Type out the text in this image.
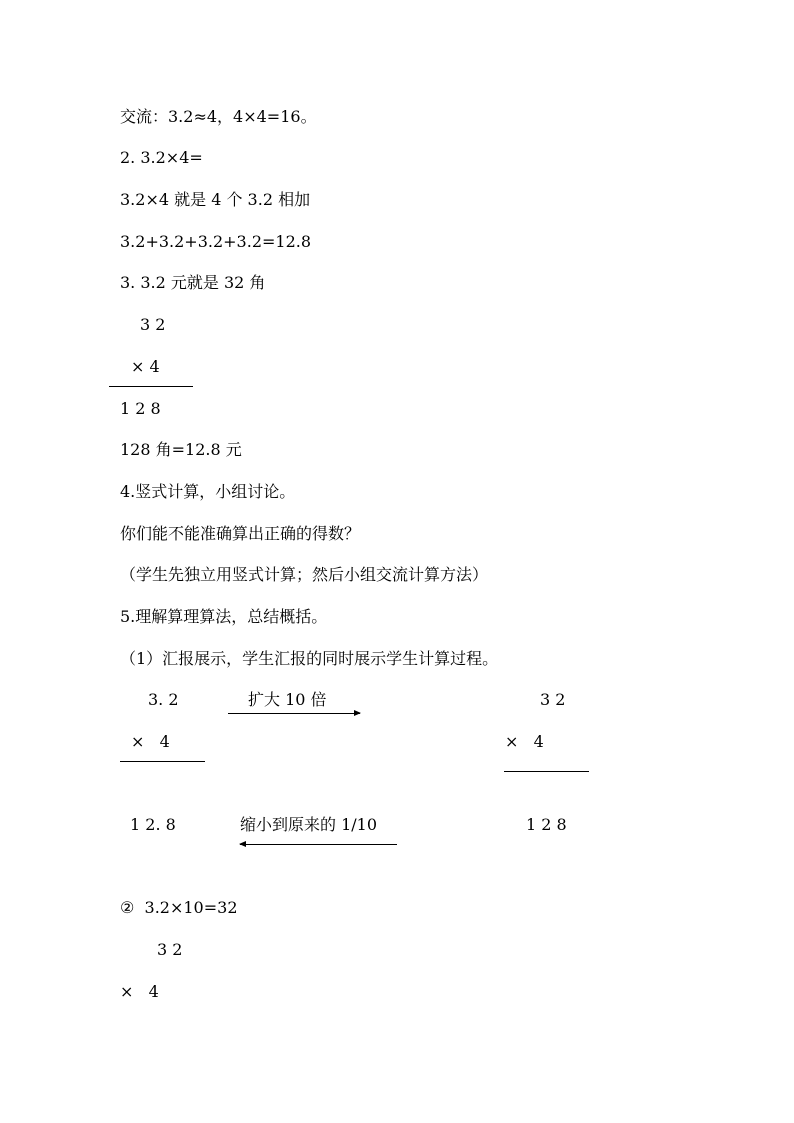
交流：3.2≈4，4×4=16。
2. 3.2×4=
3.2×4 就是 4 个 3.2 相加
3.2+3.2+3.2+3.2=12.8
3. 3.2 元就是 32 角
3 2
× 4
1 2 8
128 角=12.8 元
4.竖式计算，小组讨论。
你们能不能准确算出正确的得数？
（学生先独立用竖式计算；然后小组交流计算方法）
5.理解算理算法，总结概括。
（1）汇报展示，学生汇报的同时展示学生计算过程。
3. 2	扩大 10 倍	3 2
×   4	×   4
1 2. 8	缩小到原来的 1/10	1 2 8
②  3.2×10=32
3 2
×   4
